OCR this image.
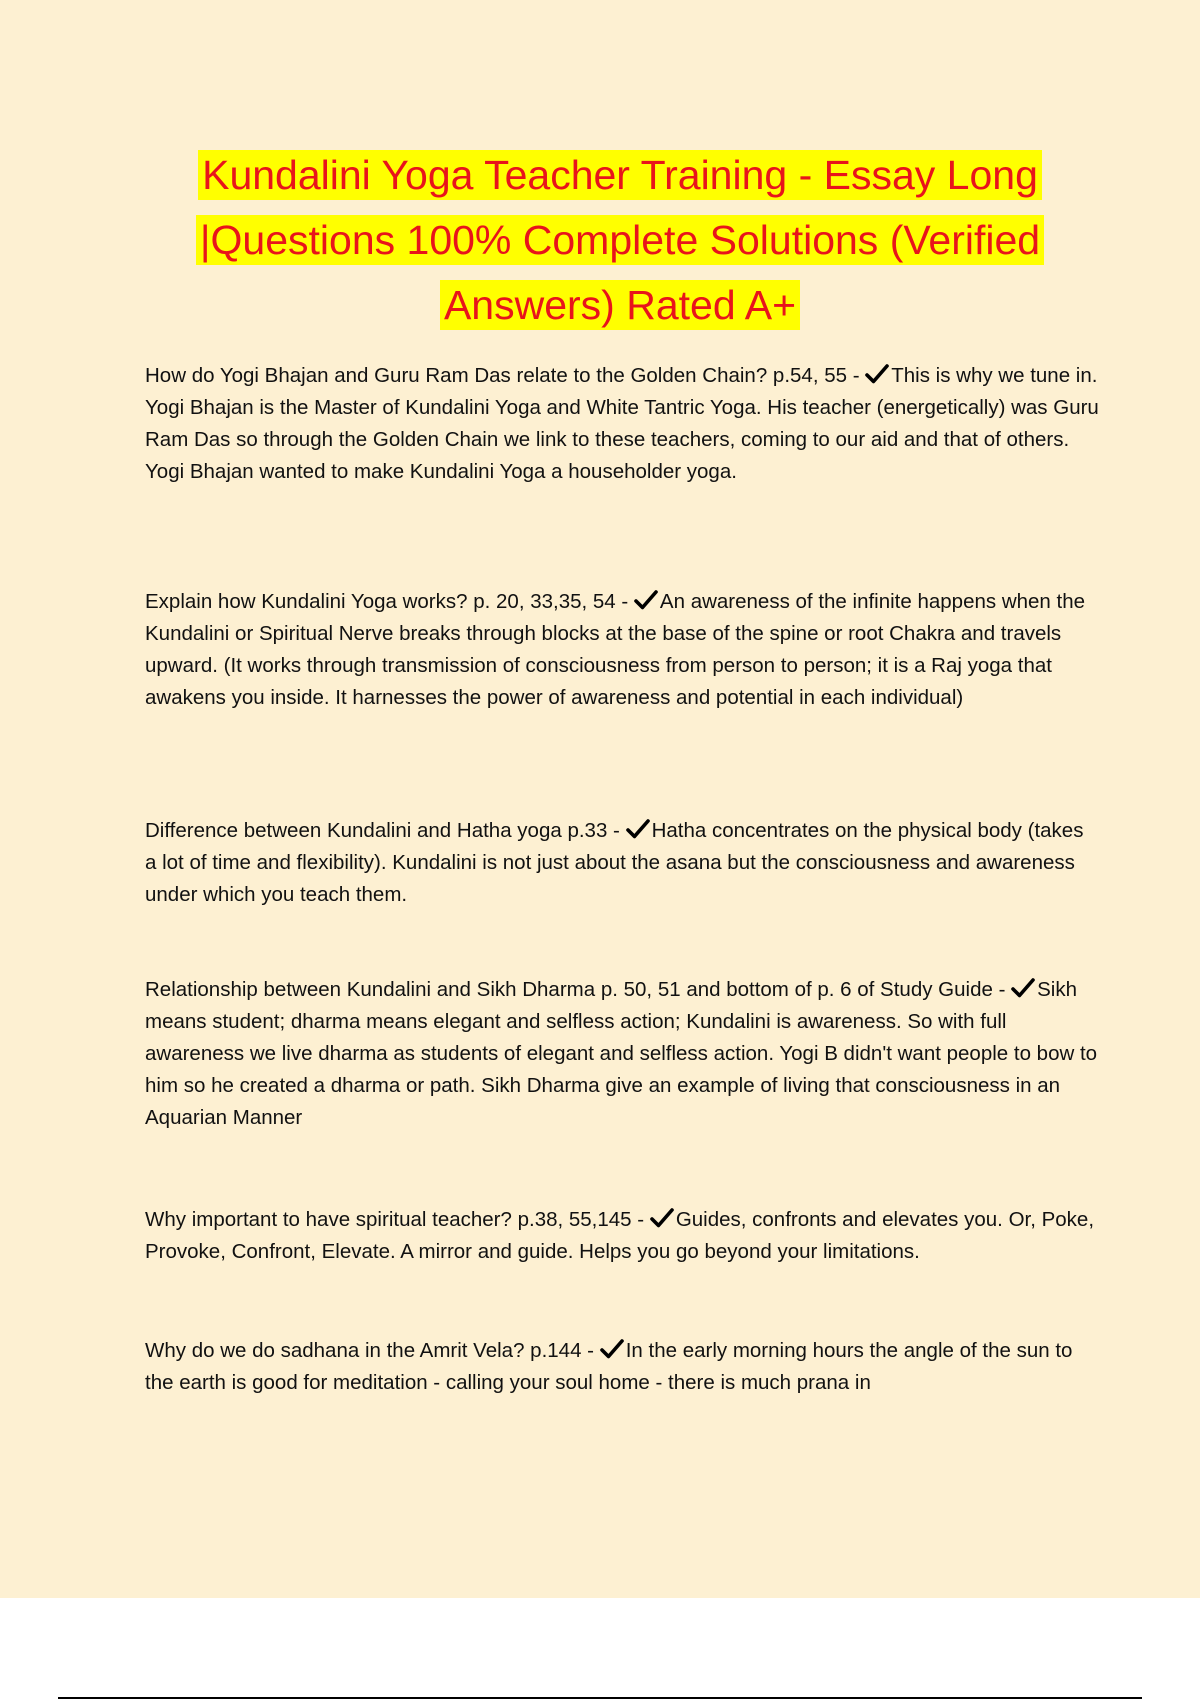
Kundalini Yoga Teacher Training - Essay Long
|Questions 100% Complete Solutions (Verified
Answers) Rated A+
How do Yogi Bhajan and Guru Ram Das relate to the Golden Chain? p.54, 55 -
This is why we tune in. Yogi Bhajan is the Master of Kundalini Yoga and White Tantric Yoga. His teacher (energetically) was Guru Ram Das so through the Golden Chain we link to these teachers, coming to our aid and that of others. Yogi Bhajan wanted to make Kundalini Yoga a householder yoga.
Explain how Kundalini Yoga works? p. 20, 33,35, 54 -
An awareness of the infinite happens when the Kundalini or Spiritual Nerve breaks through blocks at the base of the spine or root Chakra and travels upward. (It works through transmission of consciousness from person to person; it is a Raj yoga that awakens you inside. It harnesses the power of awareness and potential in each individual)
Difference between Kundalini and Hatha yoga p.33 -
Hatha concentrates on the physical body (takes a lot of time and flexibility). Kundalini is not just about the asana but the consciousness and awareness under which you teach them.
Relationship between Kundalini and Sikh Dharma p. 50, 51 and bottom of p. 6 of Study Guide -
Sikh means student; dharma means elegant and selfless action; Kundalini is awareness. So with full awareness we live dharma as students of elegant and selfless action. Yogi B didn't want people to bow to him so he created a dharma or path. Sikh Dharma give an example of living that consciousness in an Aquarian Manner
Why important to have spiritual teacher? p.38, 55,145 -
Guides, confronts and elevates you. Or, Poke, Provoke, Confront, Elevate. A mirror and guide. Helps you go beyond your limitations.
Why do we do sadhana in the Amrit Vela? p.144 -
In the early morning hours the angle of the sun to the earth is good for meditation - calling your soul home - there is much prana in
